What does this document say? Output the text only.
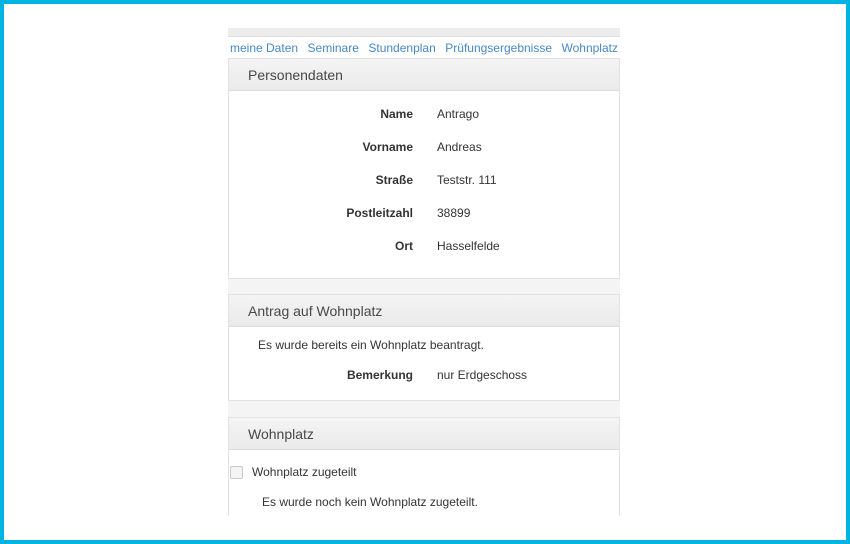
meine Daten Seminare Stundenplan Prüfungsergebnisse Wohnplatz
Personendaten
Name Antrago
Vorname Andreas
Straße Teststr. 111
Postleitzahl 38899
Ort Hasselfelde
Antrag auf Wohnplatz
Es wurde bereits ein Wohnplatz beantragt.
Bemerkung nur Erdgeschoss
Wohnplatz
Wohnplatz zugeteilt
Es wurde noch kein Wohnplatz zugeteilt.
